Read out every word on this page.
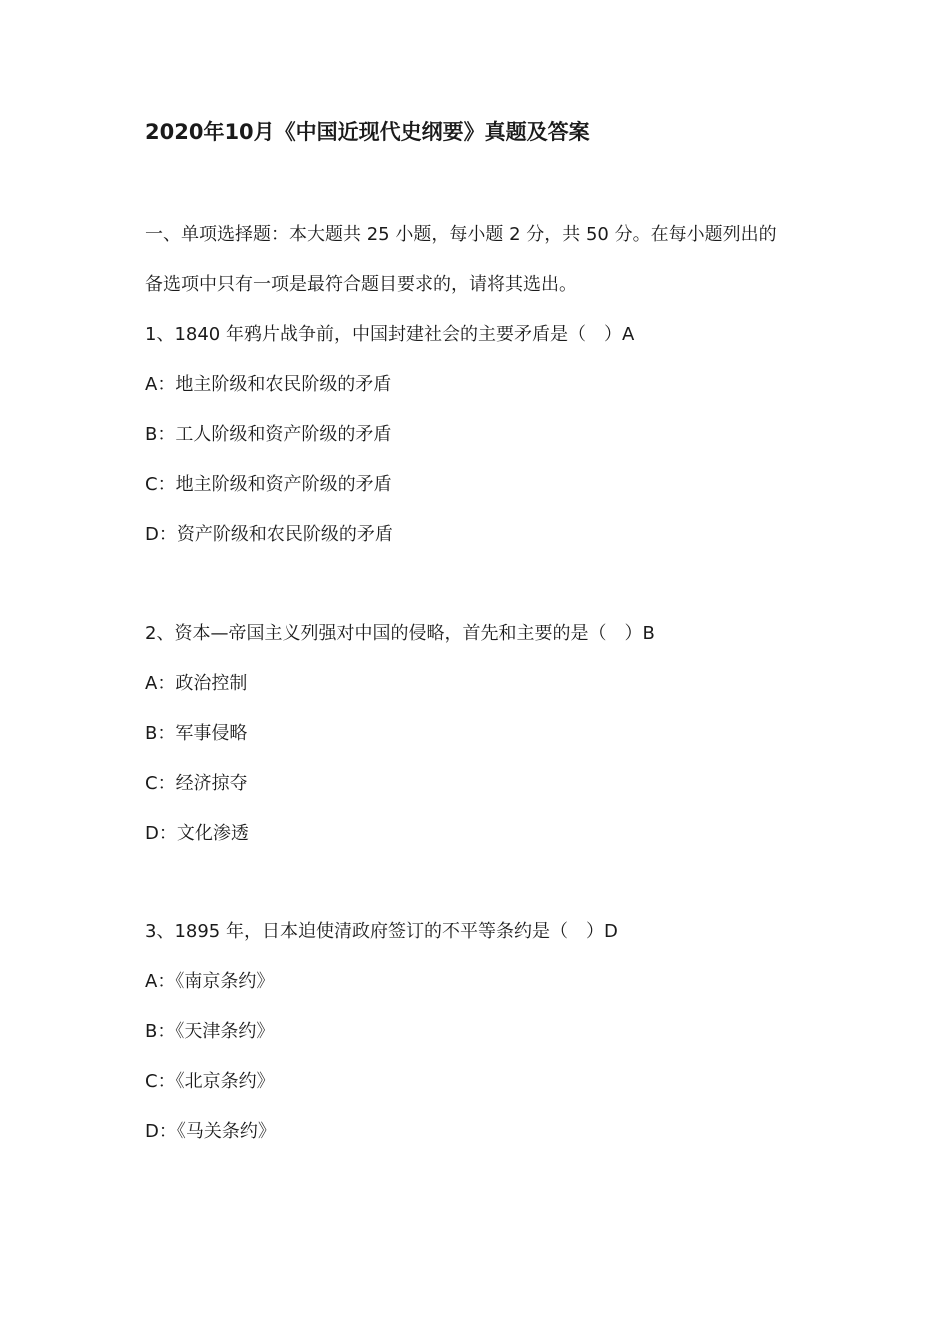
2020年10月《中国近现代史纲要》真题及答案
一、单项选择题：本大题共 25 小题，每小题 2 分，共 50 分。在每小题列出的
备选项中只有一项是最符合题目要求的，请将其选出。
1、1840 年鸦片战争前，中国封建社会的主要矛盾是（　）A
A：地主阶级和农民阶级的矛盾
B：工人阶级和资产阶级的矛盾
C：地主阶级和资产阶级的矛盾
D：资产阶级和农民阶级的矛盾
2、资本—帝国主义列强对中国的侵略，首先和主要的是（　）B
A：政治控制
B：军事侵略
C：经济掠夺
D：文化渗透
3、1895 年，日本迫使清政府签订的不平等条约是（　）D
A：《南京条约》
B：《天津条约》
C：《北京条约》
D：《马关条约》
